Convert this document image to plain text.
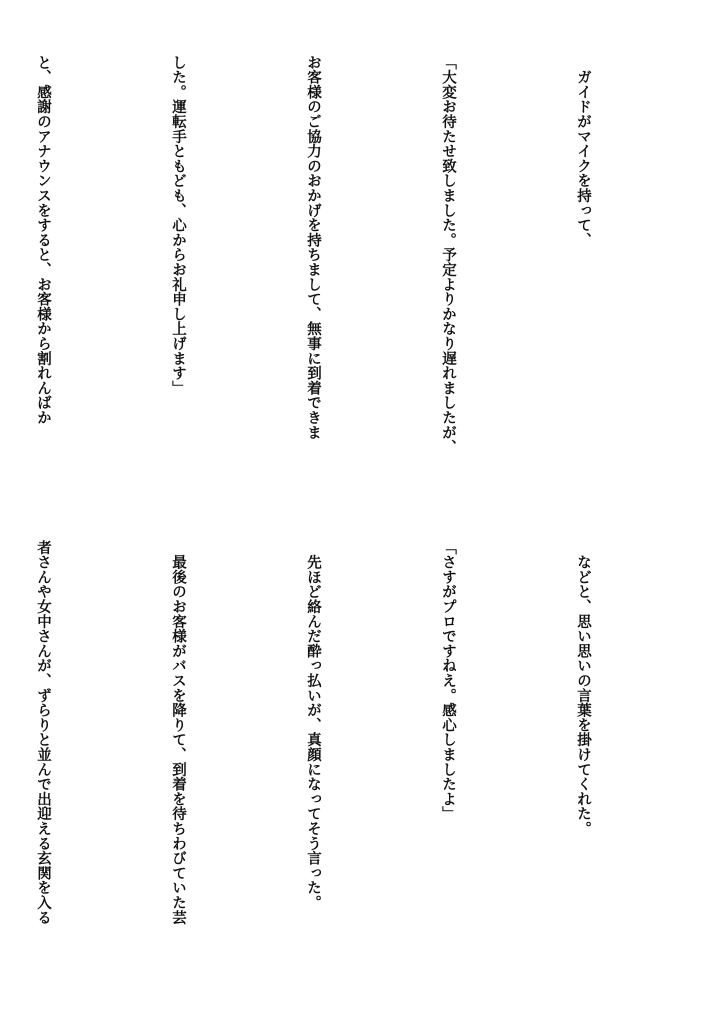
　ガイドがマイクを持って、

「大変お待たせ致しました。予定よりかなり遅れましたが、

お客様のご協力のおかげを持ちまして、無事に到着できま

した。運転手ともども、心からお礼申し上げます」

と、感謝のアナウンスをすると、お客様から割れんばか

　などと、思い思いの言葉を掛けてくれた。

「さすがプロですねえ。感心しましたよ」

　先ほど絡んだ酔っ払いが、真顔になってそう言った。

　最後のお客様がバスを降りて、到着を待ちわびていた芸

者さんや女中さんが、ずらりと並んで出迎える玄関を入る
